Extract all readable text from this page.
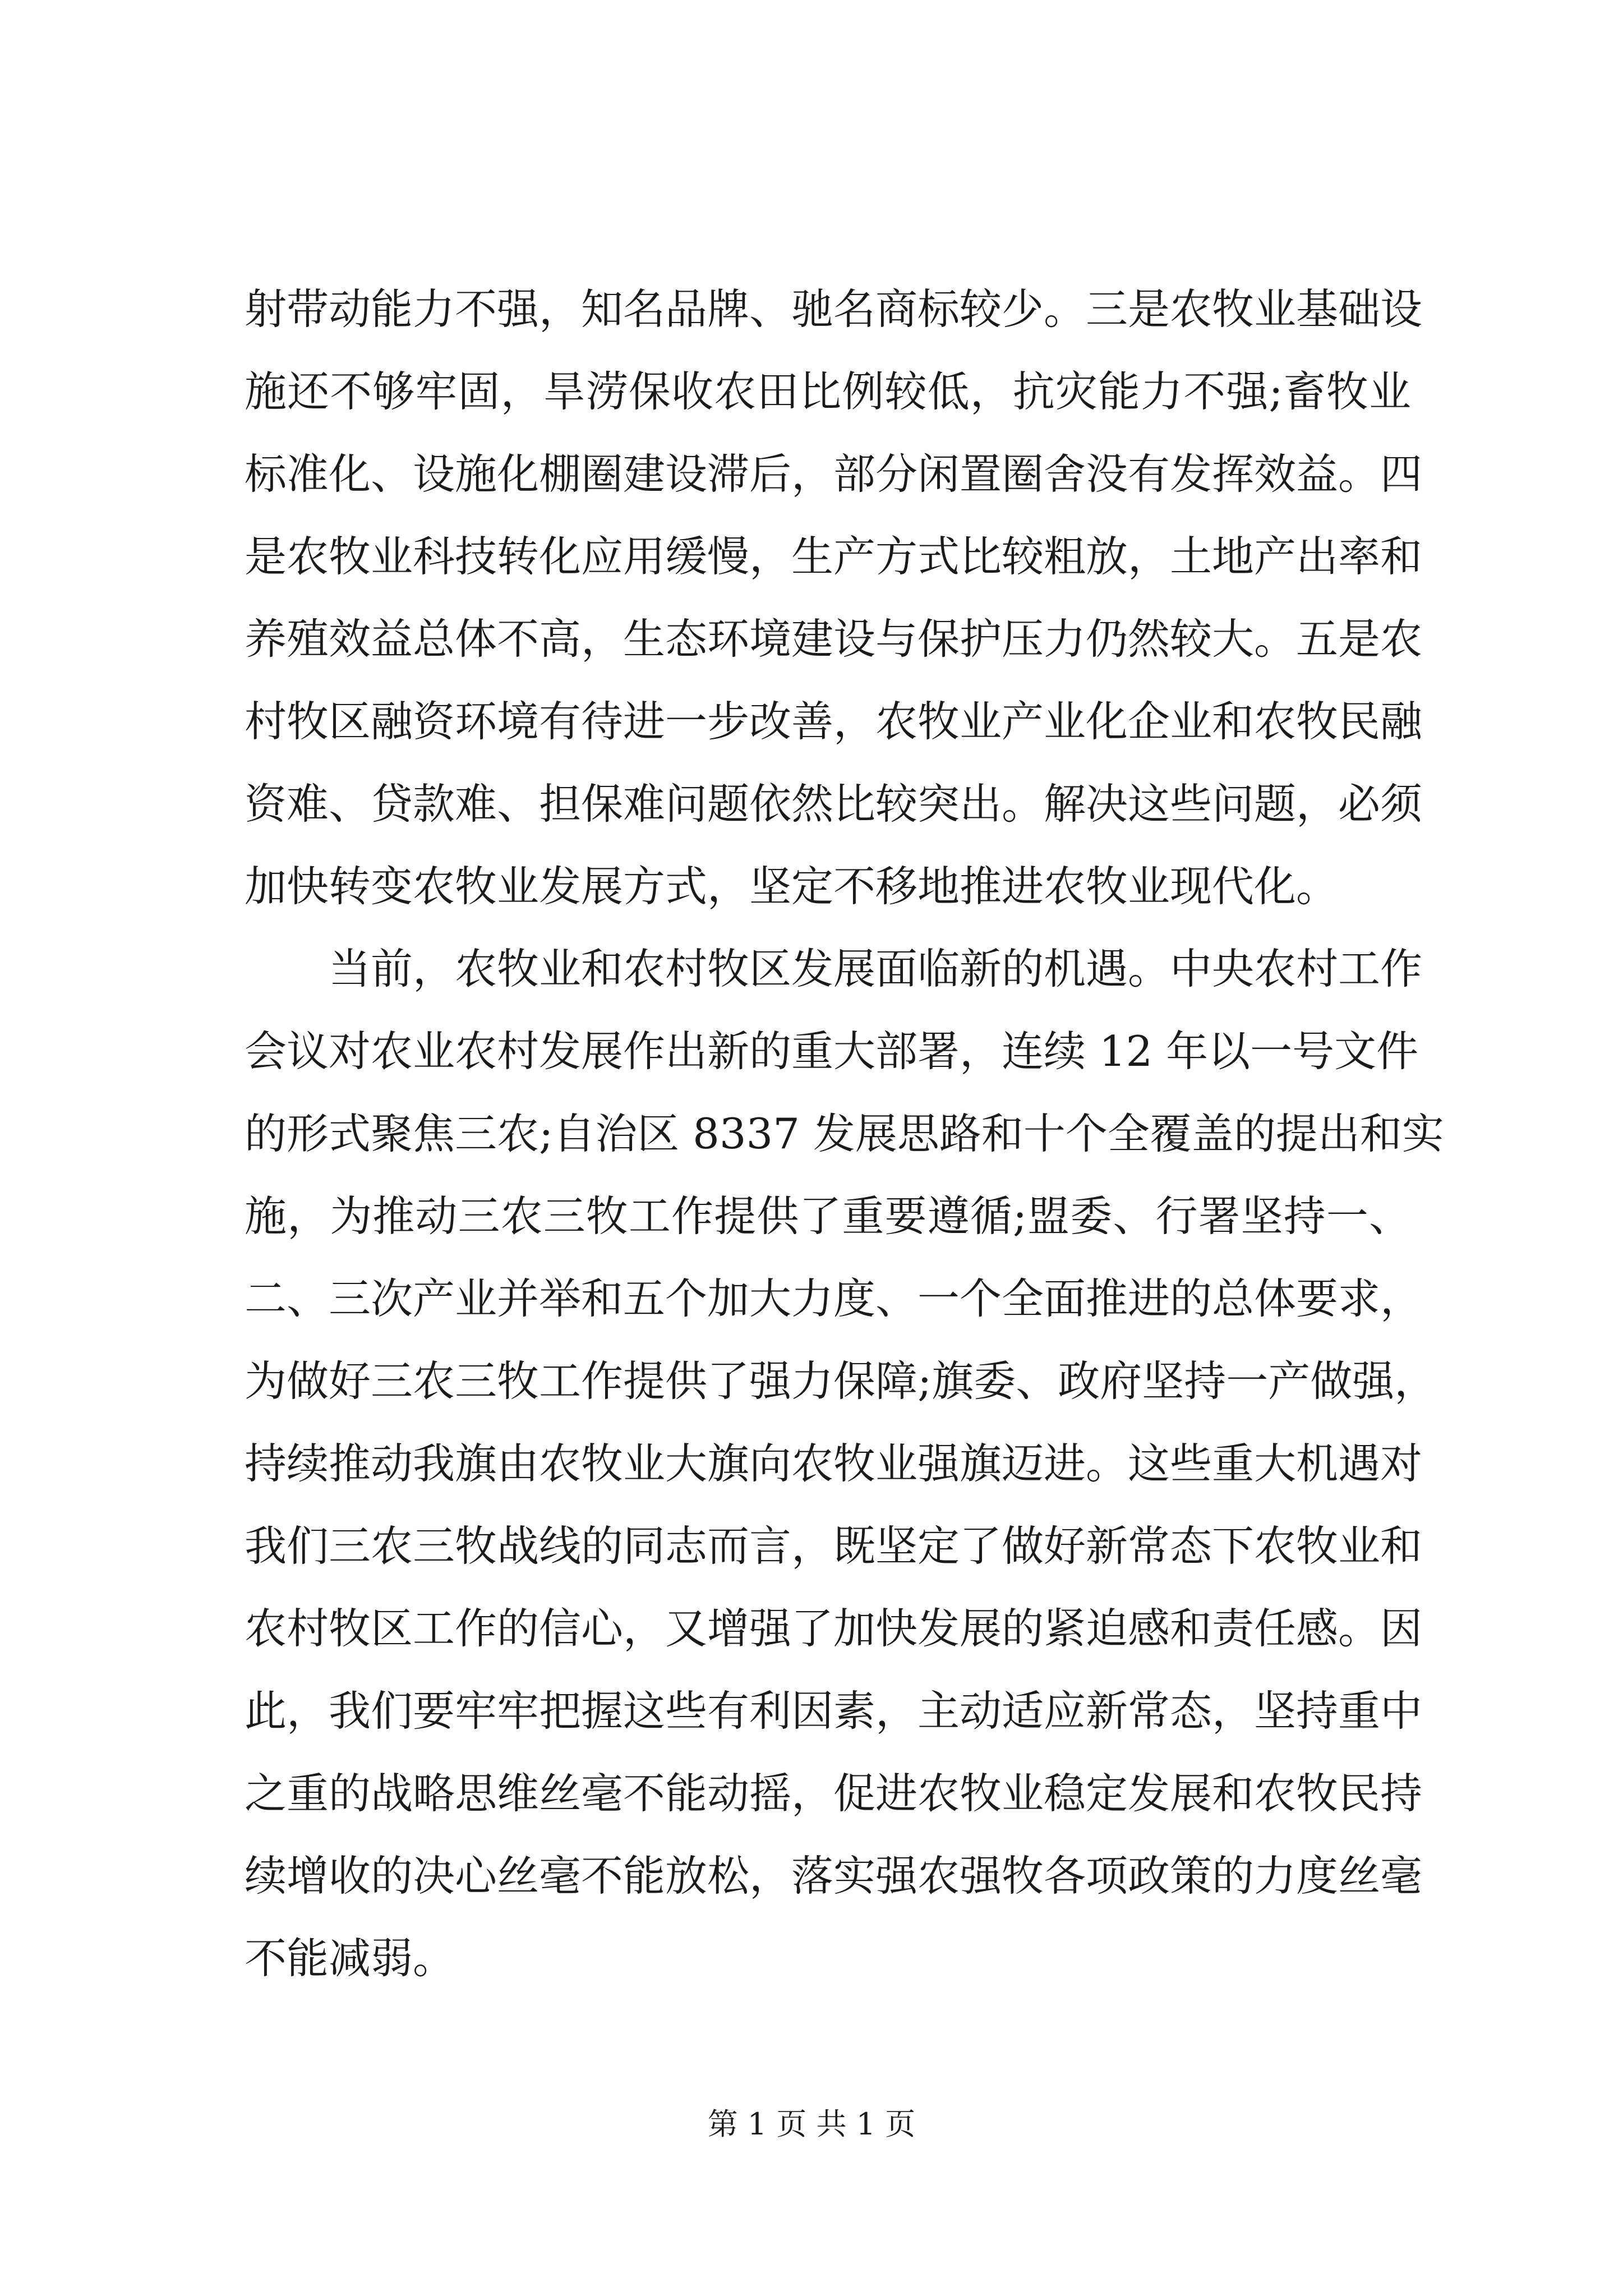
射带动能力不强，知名品牌、驰名商标较少。三是农牧业基础设
施还不够牢固，旱涝保收农田比例较低，抗灾能力不强;畜牧业
标准化、设施化棚圈建设滞后，部分闲置圈舍没有发挥效益。四
是农牧业科技转化应用缓慢，生产方式比较粗放，土地产出率和
养殖效益总体不高，生态环境建设与保护压力仍然较大。五是农
村牧区融资环境有待进一步改善，农牧业产业化企业和农牧民融
资难、贷款难、担保难问题依然比较突出。解决这些问题，必须
加快转变农牧业发展方式，坚定不移地推进农牧业现代化。
　　当前，农牧业和农村牧区发展面临新的机遇。中央农村工作
会议对农业农村发展作出新的重大部署，连续 12 年以一号文件
的形式聚焦三农;自治区 8337 发展思路和十个全覆盖的提出和实
施，为推动三农三牧工作提供了重要遵循;盟委、行署坚持一、
二、三次产业并举和五个加大力度、一个全面推进的总体要求，
为做好三农三牧工作提供了强力保障;旗委、政府坚持一产做强，
持续推动我旗由农牧业大旗向农牧业强旗迈进。这些重大机遇对
我们三农三牧战线的同志而言，既坚定了做好新常态下农牧业和
农村牧区工作的信心，又增强了加快发展的紧迫感和责任感。因
此，我们要牢牢把握这些有利因素，主动适应新常态，坚持重中
之重的战略思维丝毫不能动摇，促进农牧业稳定发展和农牧民持
续增收的决心丝毫不能放松，落实强农强牧各项政策的力度丝毫
不能减弱。
第 1 页 共 1 页
